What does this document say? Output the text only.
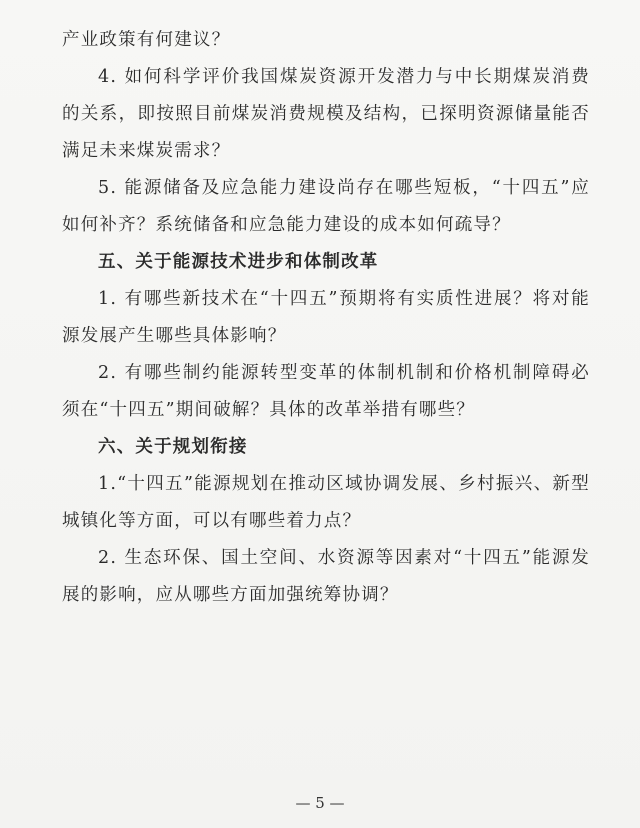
产业政策有何建议？

4. 如何科学评价我国煤炭资源开发潜力与中长期煤炭消费的关系，即按照目前煤炭消费规模及结构，已探明资源储量能否满足未来煤炭需求？

5. 能源储备及应急能力建设尚存在哪些短板，“十四五”应如何补齐？系统储备和应急能力建设的成本如何疏导？

五、关于能源技术进步和体制改革

1. 有哪些新技术在“十四五”预期将有实质性进展？将对能源发展产生哪些具体影响？

2. 有哪些制约能源转型变革的体制机制和价格机制障碍必须在“十四五”期间破解？具体的改革举措有哪些？

六、关于规划衔接

1.“十四五”能源规划在推动区域协调发展、乡村振兴、新型城镇化等方面，可以有哪些着力点？

2. 生态环保、国土空间、水资源等因素对“十四五”能源发展的影响，应从哪些方面加强统筹协调？

— 5 —
